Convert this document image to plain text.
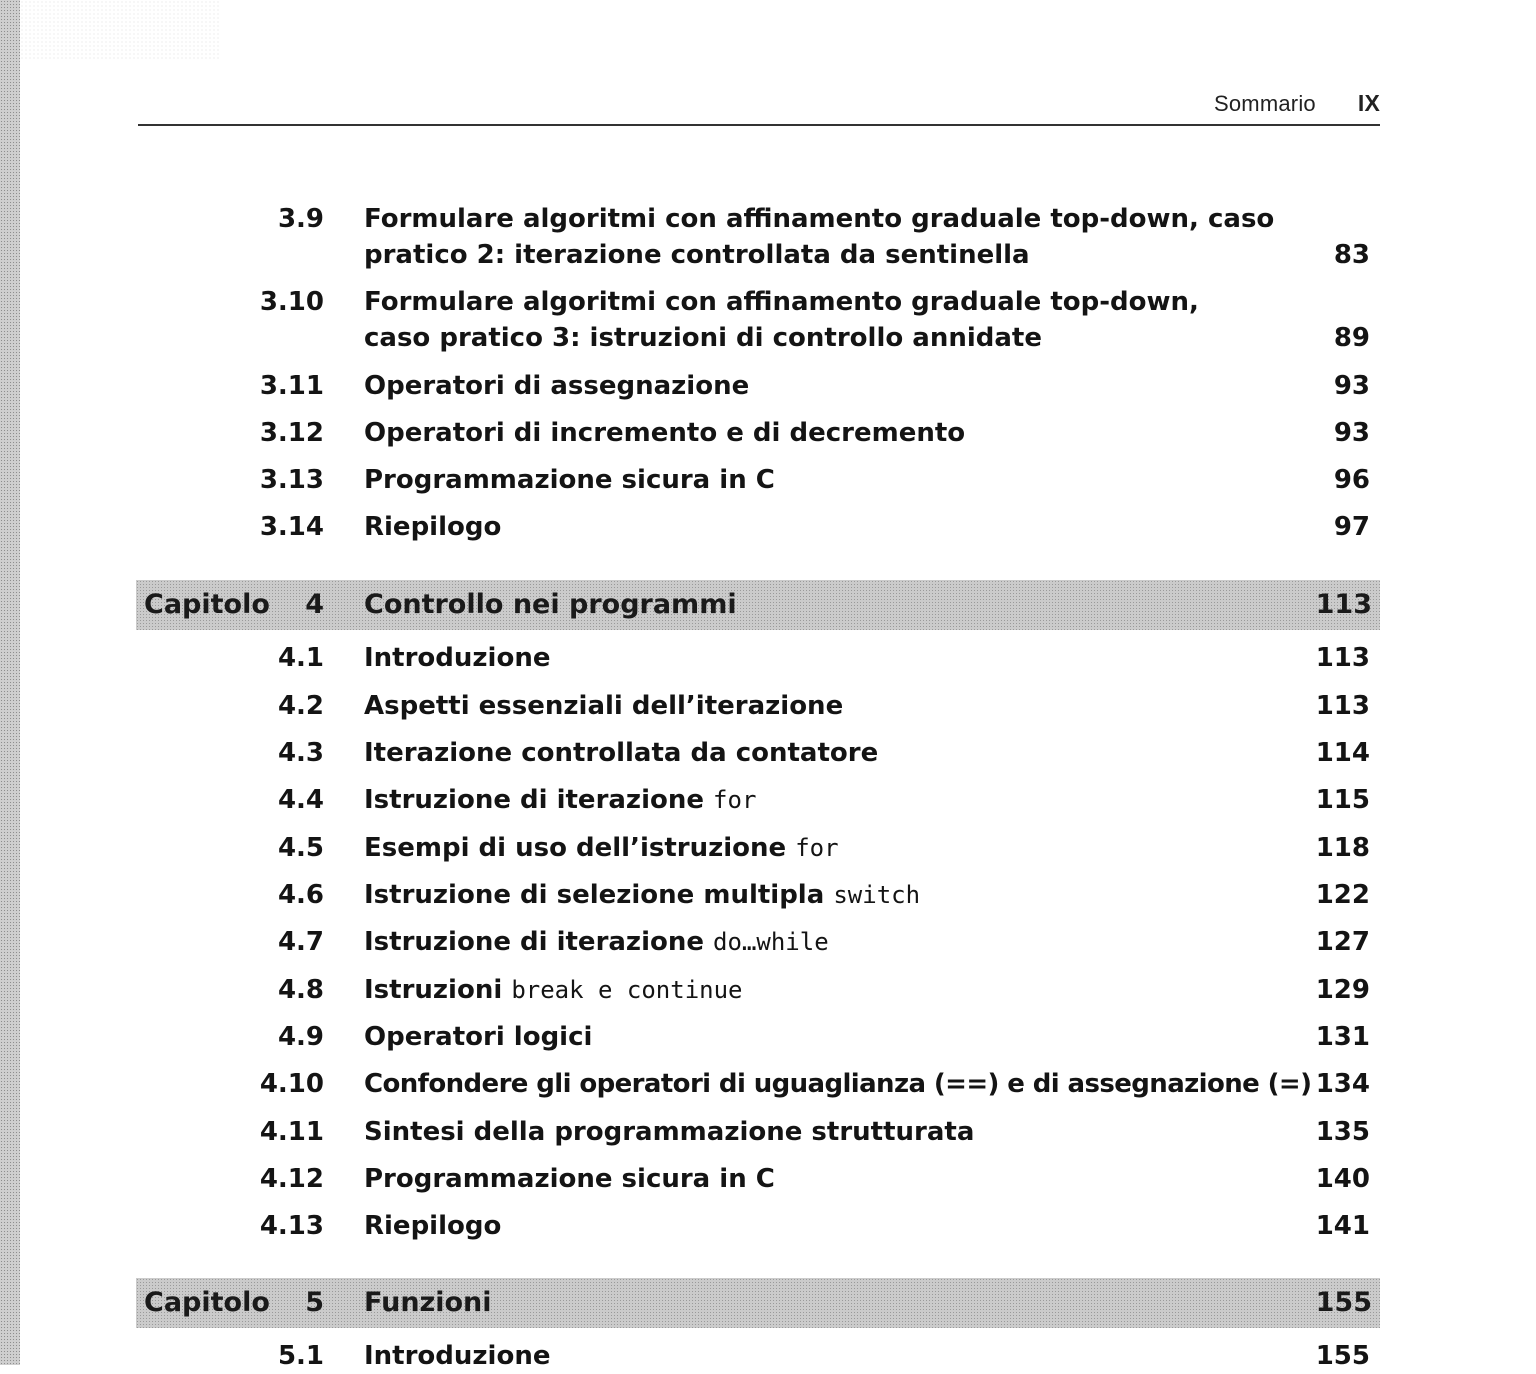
Sommario IX
3.9 Formulare algoritmi con affinamento graduale top-down, caso
pratico 2: iterazione controllata da sentinella	83
3.10 Formulare algoritmi con affinamento graduale top-down,
caso pratico 3: istruzioni di controllo annidate	89
3.11 Operatori di assegnazione	93
3.12 Operatori di incremento e di decremento	93
3.13 Programmazione sicura in C	96
3.14 Riepilogo	97
Capitolo 4 Controllo nei programmi	113
4.1 Introduzione	113
4.2 Aspetti essenziali dell’iterazione	113
4.3 Iterazione controllata da contatore	114
4.4 Istruzione di iterazione for	115
4.5 Esempi di uso dell’istruzione for	118
4.6 Istruzione di selezione multipla switch	122
4.7 Istruzione di iterazione do…while	127
4.8 Istruzioni break e continue	129
4.9 Operatori logici	131
4.10 Confondere gli operatori di uguaglianza (==) e di assegnazione (=) 134
4.11 Sintesi della programmazione strutturata	135
4.12 Programmazione sicura in C	140
4.13 Riepilogo	141
Capitolo 5 Funzioni	155
5.1 Introduzione	155
